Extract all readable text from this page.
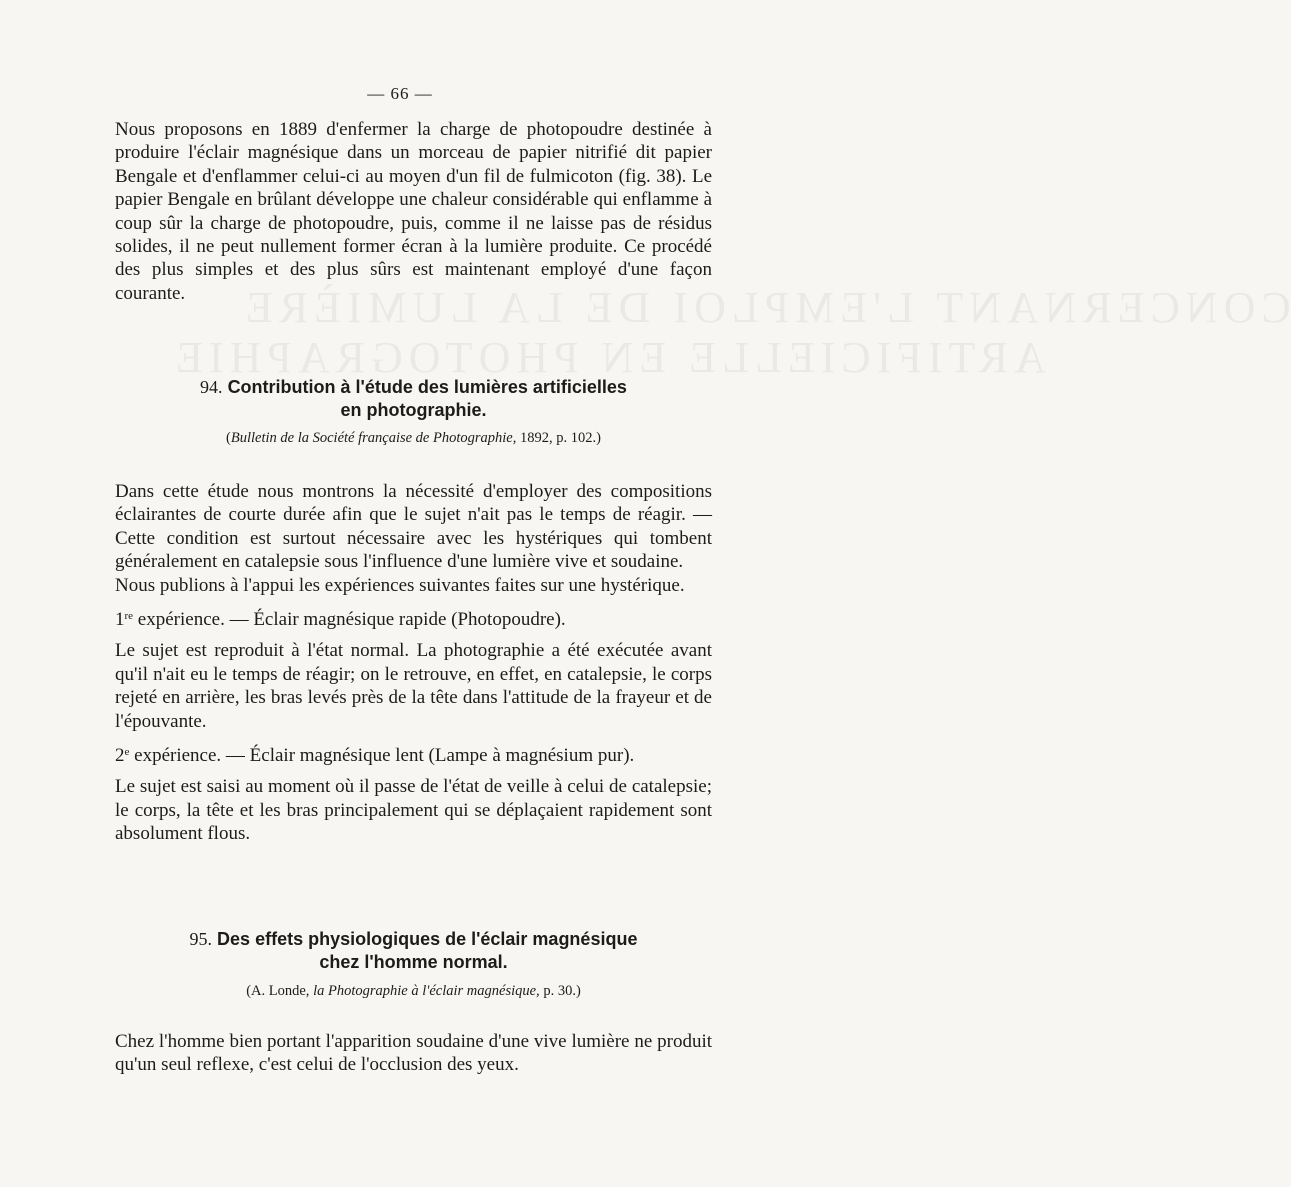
CONCERNANT L'EMPLOI DE LA LUMIÈRE
ARTIFICIELLE EN PHOTOGRAPHIE
— 66 —

Nous proposons en 1889 d'enfermer la charge de photopoudre destinée à produire l'éclair magnésique dans un morceau de papier nitrifié dit papier Bengale et d'enflammer celui-ci au moyen d'un fil de fulmicoton (fig. 38). Le papier Bengale en brûlant développe une chaleur considérable qui enflamme à coup sûr la charge de photopoudre, puis, comme il ne laisse pas de résidus solides, il ne peut nullement former écran à la lumière produite. Ce procédé des plus simples et des plus sûrs est maintenant employé d'une façon courante.

94. Contribution à l'étude des lumières artificielles
en photographie.
(Bulletin de la Société française de Photographie, 1892, p. 102.)

Dans cette étude nous montrons la nécessité d'employer des compositions éclairantes de courte durée afin que le sujet n'ait pas le temps de réagir. — Cette condition est surtout nécessaire avec les hystériques qui tombent généralement en catalepsie sous l'influence d'une lumière vive et soudaine.

Nous publions à l'appui les expériences suivantes faites sur une hystérique.

1re expérience. — Éclair magnésique rapide (Photopoudre).

Le sujet est reproduit à l'état normal. La photographie a été exécutée avant qu'il n'ait eu le temps de réagir; on le retrouve, en effet, en catalepsie, le corps rejeté en arrière, les bras levés près de la tête dans l'attitude de la frayeur et de l'épouvante.

2e expérience. — Éclair magnésique lent (Lampe à magnésium pur).

Le sujet est saisi au moment où il passe de l'état de veille à celui de catalepsie; le corps, la tête et les bras principalement qui se déplaçaient rapidement sont absolument flous.

95. Des effets physiologiques de l'éclair magnésique
chez l'homme normal.
(A. Londe, la Photographie à l'éclair magnésique, p. 30.)

Chez l'homme bien portant l'apparition soudaine d'une vive lumière ne produit qu'un seul reflexe, c'est celui de l'occlusion des yeux.
